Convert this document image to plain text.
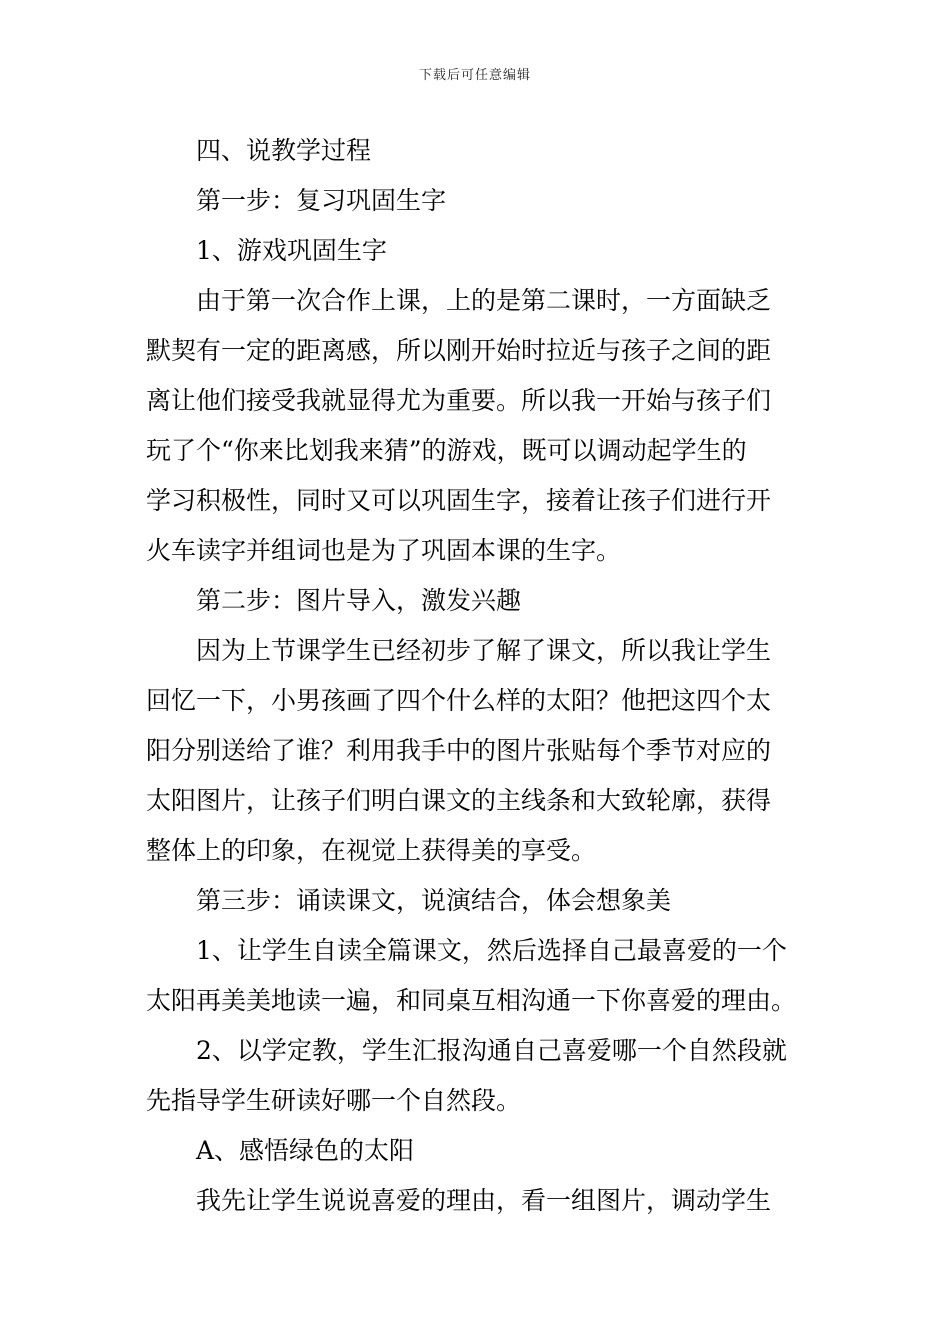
下载后可任意编辑
四、说教学过程
第一步：复习巩固生字
1、游戏巩固生字
由于第一次合作上课，上的是第二课时，一方面缺乏
默契有一定的距离感，所以刚开始时拉近与孩子之间的距
离让他们接受我就显得尤为重要。所以我一开始与孩子们
玩了个“你来比划我来猜”的游戏，既可以调动起学生的
学习积极性，同时又可以巩固生字，接着让孩子们进行开
火车读字并组词也是为了巩固本课的生字。
第二步：图片导入，激发兴趣
因为上节课学生已经初步了解了课文，所以我让学生
回忆一下，小男孩画了四个什么样的太阳？他把这四个太
阳分别送给了谁？利用我手中的图片张贴每个季节对应的
太阳图片，让孩子们明白课文的主线条和大致轮廓，获得
整体上的印象，在视觉上获得美的享受。
第三步：诵读课文，说演结合，体会想象美
1、让学生自读全篇课文，然后选择自己最喜爱的一个
太阳再美美地读一遍，和同桌互相沟通一下你喜爱的理由。
2、以学定教，学生汇报沟通自己喜爱哪一个自然段就
先指导学生研读好哪一个自然段。
A、感悟绿色的太阳
我先让学生说说喜爱的理由，看一组图片，调动学生
